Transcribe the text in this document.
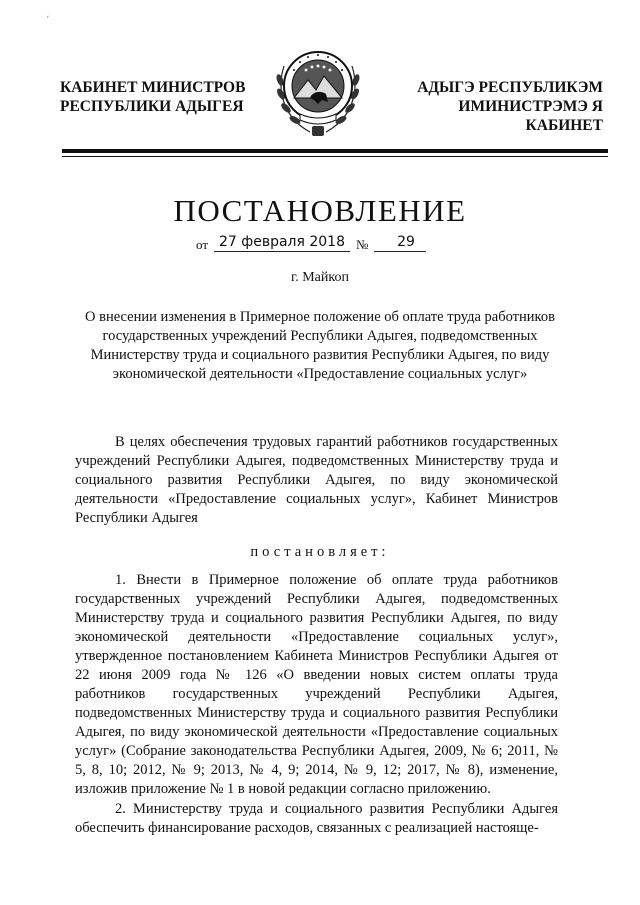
ʹ
КАБИНЕТ МИНИСТРОВ
РЕСПУБЛИКИ АДЫГЕЯ
АДЫГЭ РЕСПУБЛИКЭМ
ИМИНИСТРЭМЭ Я КАБИНЕТ
ПОСТАНОВЛЕНИЕ
от 27 февраля 2018 №	29
г. Майкоп
О внесении изменения в Примерное положение об оплате труда работников государственных учреждений Республики Адыгея, подведомственных Министерству труда и социального развития Республики Адыгея, по виду экономической деятельности «Предоставление социальных услуг»

В целях обеспечения трудовых гарантий работников государственных учреждений Республики Адыгея, подведомственных Министерству труда и социального развития Республики Адыгея, по виду экономической деятельности «Предоставление социальных услуг», Кабинет Министров Республики Адыгея

постановляет:

1. Внести в Примерное положение об оплате труда работников государственных учреждений Республики Адыгея, подведомственных Министерству труда и социального развития Республики Адыгея, по виду экономической деятельности «Предоставление социальных услуг», утвержденное постановлением Кабинета Министров Республики Адыгея от 22 июня 2009 года № 126 «О введении новых систем оплаты труда работников государственных учреждений Республики Адыгея, подведомственных Министерству труда и социального развития Республики Адыгея, по виду экономической деятельности «Предоставление социальных услуг» (Собрание законодательства Республики Адыгея, 2009, № 6; 2011, № 5, 8, 10; 2012, № 9; 2013, № 4, 9; 2014, № 9, 12; 2017, № 8), изменение, изложив приложение № 1 в новой редакции согласно приложению.

2. Министерству труда и социального развития Республики Адыгея обеспечить финансирование расходов, связанных с реализацией настояще-
